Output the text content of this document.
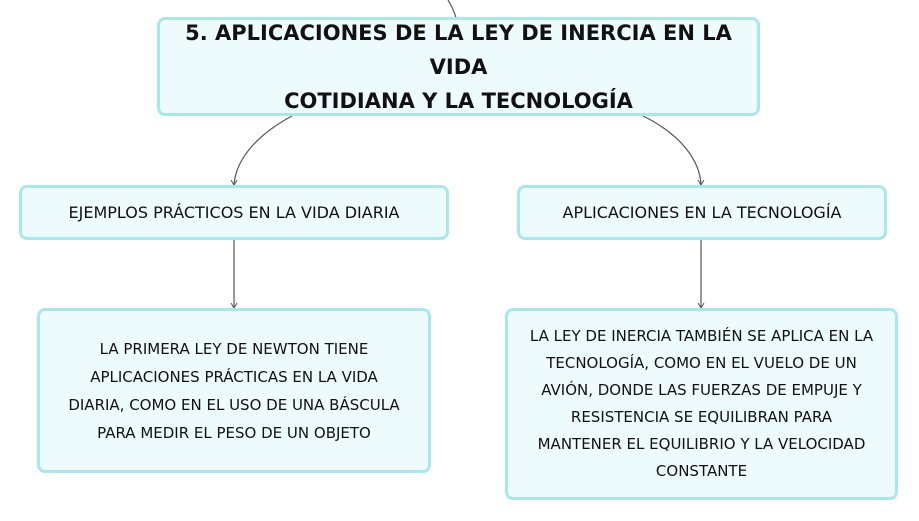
5. APLICACIONES DE LA LEY DE INERCIA EN LA VIDA
COTIDIANA Y LA TECNOLOGÍA
EJEMPLOS PRÁCTICOS EN LA VIDA DIARIA	APLICACIONES EN LA TECNOLOGÍA
LA PRIMERA LEY DE NEWTON TIENE
APLICACIONES PRÁCTICAS EN LA VIDA
DIARIA, COMO EN EL USO DE UNA BÁSCULA
PARA MEDIR EL PESO DE UN OBJETO
LA LEY DE INERCIA TAMBIÉN SE APLICA EN LA
TECNOLOGÍA, COMO EN EL VUELO DE UN
AVIÓN, DONDE LAS FUERZAS DE EMPUJE Y
RESISTENCIA SE EQUILIBRAN PARA
MANTENER EL EQUILIBRIO Y LA VELOCIDAD
CONSTANTE
